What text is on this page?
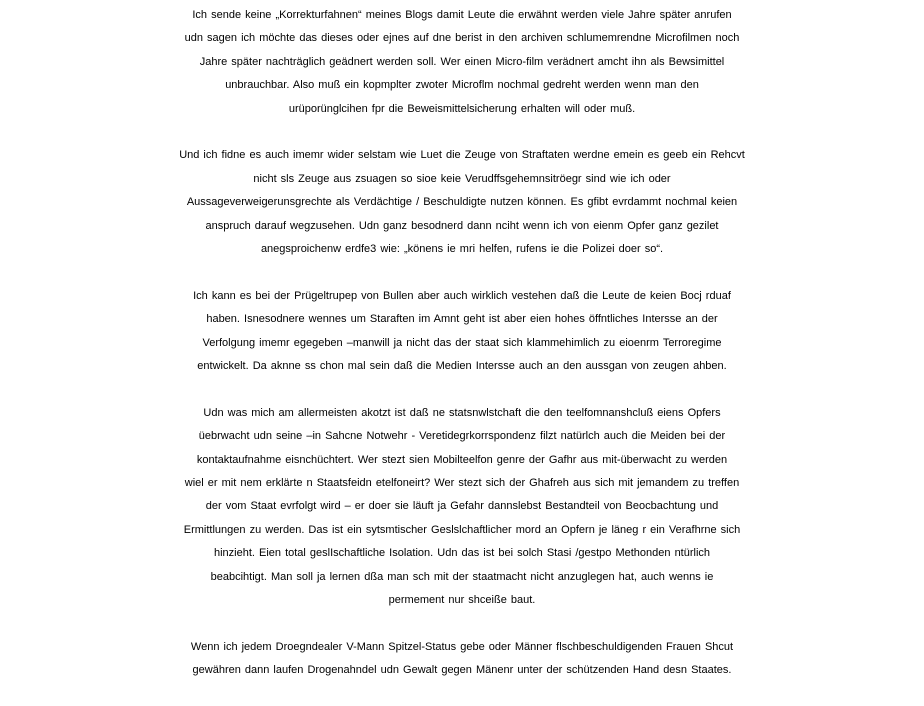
Ich sende keine „Korrekturfahnen“ meines Blogs damit Leute die erwähnt werden viele Jahre später anrufen
udn sagen ich möchte das dieses oder ejnes auf dne berist in den archiven schlumemrendne Microfilmen noch
Jahre später nachträglich geädnert werden soll. Wer einen Micro-film verädnert amcht ihn als Bewsimittel
unbrauchbar. Also muß ein kopmplter zwoter Microflm nochmal gedreht werden wenn man den
urüporünglcihen fpr die Beweismittelsicherung erhalten will oder muß.

Und ich fidne es auch imemr wider selstam wie Luet die Zeuge von Straftaten werdne emein es geeb ein Rehcvt
nicht sls Zeuge aus zsuagen so sioe keie Verudffsgehemnsitröegr sind wie ich oder
Aussageverweigerunsgrechte als Verdächtige / Beschuldigte nutzen können. Es gfibt evrdammt nochmal keien
anspruch darauf wegzusehen. Udn ganz besodnerd dann nciht wenn ich von eienm Opfer ganz gezilet
anegsproichenw erdfe3 wie: „könens ie mri helfen, rufens ie die Polizei doer so“.

Ich kann es bei der Prügeltrupep von Bullen aber auch wirklich vestehen daß die Leute de keien Bocj rduaf
haben. Isnesodnere wennes um Staraften im Amnt geht ist aber eien hohes öffntliches Intersse an der
Verfolgung imemr egegeben –manwill ja nicht das der staat sich klammehimlich zu eioenrm Terroregime
entwickelt. Da aknne ss chon mal sein daß die Medien Intersse auch an den aussgan von zeugen ahben.

Udn was mich am allermeisten akotzt ist daß ne statsnwlstchaft die den teelfomnanshcluß eiens Opfers
üebrwacht udn seine –in Sahcne Notwehr - Veretidegrkorrspondenz filzt natürlch auch die Meiden bei der
kontaktaufnahme eisnchüchtert. Wer stezt sien Mobilteelfon genre der Gafhr aus mit-überwacht zu werden
wiel er mit nem erklärte n Staatsfeidn etelfoneirt? Wer stezt sich der Ghafreh aus sich mit jemandem zu treffen
der vom Staat evrfolgt wird – er doer sie läuft ja Gefahr dannslebst Bestandteil von Beocbachtung und
Ermittlungen zu werden. Das ist ein sytsmtischer Geslslchaftlicher mord an Opfern je läneg r ein Verafhrne sich
hinzieht. Eien total geslIschaftliche Isolation. Udn das ist bei solch Stasi /gestpo Methonden ntürlich
beabcihtigt. Man soll ja lernen dßa man sch mit der staatmacht nicht anzuglegen hat, auch wenns ie
permement nur shceiße baut.

Wenn ich jedem Droegndealer V-Mann Spitzel-Status gebe oder Männer flschbeschuldigenden Frauen Shcut
gewähren dann laufen Drogenahndel udn Gewalt gegen Mänenr unter der schützenden Hand desn Staates.
